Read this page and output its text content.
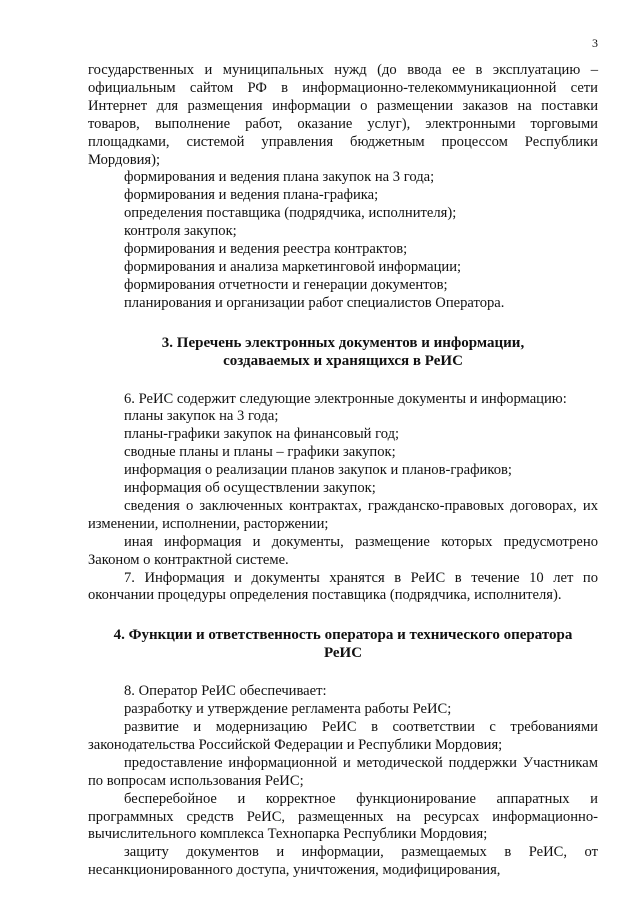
3

государственных и муниципальных нужд (до ввода ее в эксплуатацию – официальным сайтом РФ в информационно-телекоммуникационной сети Интернет для размещения информации о размещении заказов на поставки товаров, выполнение работ, оказание услуг), электронными торговыми площадками, системой управления бюджетным процессом Республики Мордовия);

формирования и ведения плана закупок на 3 года;

формирования и ведения плана-графика;

определения поставщика (подрядчика, исполнителя);

контроля закупок;

формирования и ведения реестра контрактов;

формирования и анализа маркетинговой информации;

формирования отчетности и генерации документов;

планирования и организации работ специалистов Оператора.

3. Перечень электронных документов и информации,
создаваемых и хранящихся в РеИС

6. РеИС содержит следующие электронные документы и информацию:

планы закупок на 3 года;

планы-графики закупок на финансовый год;

сводные планы и планы – графики закупок;

информация о реализации планов закупок и планов-графиков;

информация об осуществлении закупок;

сведения о заключенных контрактах, гражданско-правовых договорах, их изменении, исполнении, расторжении;

иная информация и документы, размещение которых предусмотрено Законом о контрактной системе.

7. Информация и документы хранятся в РеИС в течение 10 лет по окончании процедуры определения поставщика (подрядчика, исполнителя).

4. Функции и ответственность оператора и технического оператора
РеИС

8. Оператор РеИС обеспечивает:

разработку и утверждение регламента работы РеИС;

развитие и модернизацию РеИС в соответствии с требованиями законодательства Российской Федерации и Республики Мордовия;

предоставление информационной и методической поддержки Участникам по вопросам использования РеИС;

бесперебойное и корректное функционирование аппаратных и программных средств РеИС, размещенных на ресурсах информационно-вычислительного комплекса Технопарка Республики Мордовия;

защиту документов и информации, размещаемых в РеИС, от несанкционированного доступа, уничтожения, модифицирования,
